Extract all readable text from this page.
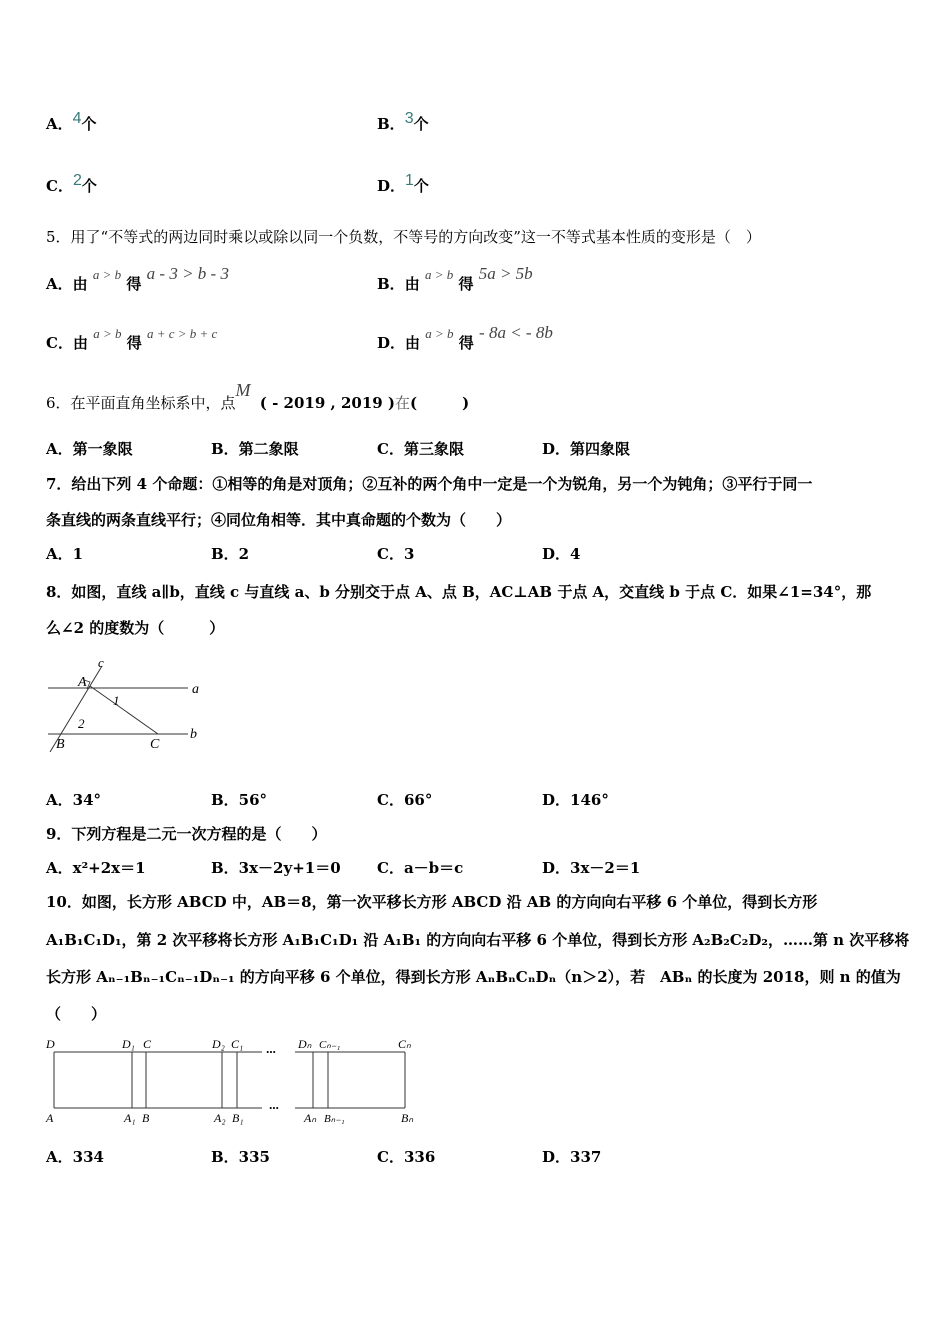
A．4个	B．3个
C．2个	D．1个
5．用了“不等式的两边同时乘以或除以同一个负数，不等号的方向改变”这一不等式基本性质的变形是（　）
A．由 a > b 得 a - 3 > b - 3
B．由 a > b 得 5a > 5b
C．由 a > b 得 a + c > b + c
D．由 a > b 得 - 8a < - 8b
6．在平面直角坐标系中，点M ( - 2019 , 2019 )在(　　　)
A．第一象限	B．第二象限	C．第三象限	D．第四象限
7．给出下列 4 个命题：①相等的角是对顶角；②互补的两个角中一定是一个为锐角，另一个为钝角；③平行于同一
条直线的两条直线平行；④同位角相等．其中真命题的个数为（　　）
A．1	B．2	C．3	D．4
8．如图，直线 a∥b，直线 c 与直线 a、b 分别交于点 A、点 B，AC⊥AB 于点 A，交直线 b 于点 C．如果∠1=34°，那
么∠2 的度数为（　　　）
c
A	a
1
2
B	C
b
A．34°	B．56°	C．66°	D．146°
9．下列方程是二元一次方程的是（　　）
A．x²+2x＝1	B．3x－2y+1＝0 C．a－b＝c	D．3x－2＝1
10．如图，长方形 ABCD 中，AB＝8，第一次平移长方形 ABCD 沿 AB 的方向向右平移 6 个单位，得到长方形
A₁B₁C₁D₁，第 2 次平移将长方形 A₁B₁C₁D₁ 沿 A₁B₁ 的方向向右平移 6 个单位，得到长方形 A₂B₂C₂D₂，……第 n 次平移将
长方形 Aₙ₋₁Bₙ₋₁Cₙ₋₁Dₙ₋₁ 的方向平移 6 个单位，得到长方形 AₙBₙCₙDₙ（n＞2），若　ABₙ 的长度为 2018，则 n 的值为
（　　）
D	D₁ C	D₂ C₁ ··· Dₙ Cₙ₋₁	Cₙ
A	A₁ B	A₂ B₁
···
Aₙ Bₙ₋₁	Bₙ
A．334	B．335	C．336	D．337
